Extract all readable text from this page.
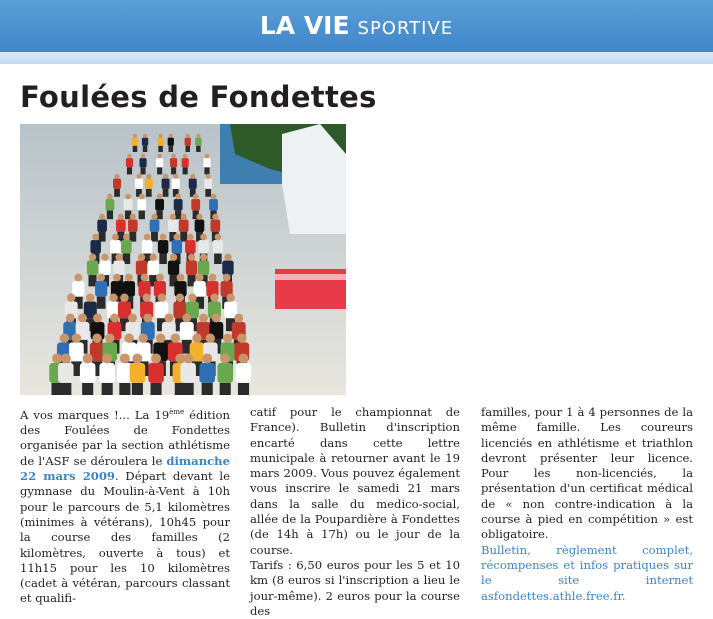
LA VIE sportive
Foulées de Fondettes

A vos marques !... La 19ème édition des Foulées de Fondettes organisée par la section athlétisme de l'ASF se déroulera le dimanche 22 mars 2009. Départ devant le gymnase du Moulin-à-Vent à 10h pour le parcours de 5,1 kilomètres (minimes à vétérans), 10h45 pour la course des familles (2 kilomètres, ouverte à tous) et 11h15 pour les 10 kilomètres (cadet à vétéran, parcours classant et qualifi-

catif pour le championnat de France). Bulletin d'inscription encarté dans cette lettre municipale à retourner avant le 19 mars 2009. Vous pouvez également vous inscrire le samedi 21 mars dans la salle du medico-social, allée de la Poupardière à Fondettes (de 14h à 17h) ou le jour de la course.

Tarifs : 6,50 euros pour les 5 et 10 km (8 euros si l'inscription a lieu le jour-même). 2 euros pour la course des

familles, pour 1 à 4 personnes de la même famille. Les coureurs licenciés en athlétisme et triathlon devront présenter leur licence. Pour les non-licenciés, la présentation d'un certificat médical de « non contre-indication à la course à pied en compétition » est obligatoire.

Bulletin, règlement complet, récompenses et infos pratiques sur le site internet asfondettes.athle.free.fr.
